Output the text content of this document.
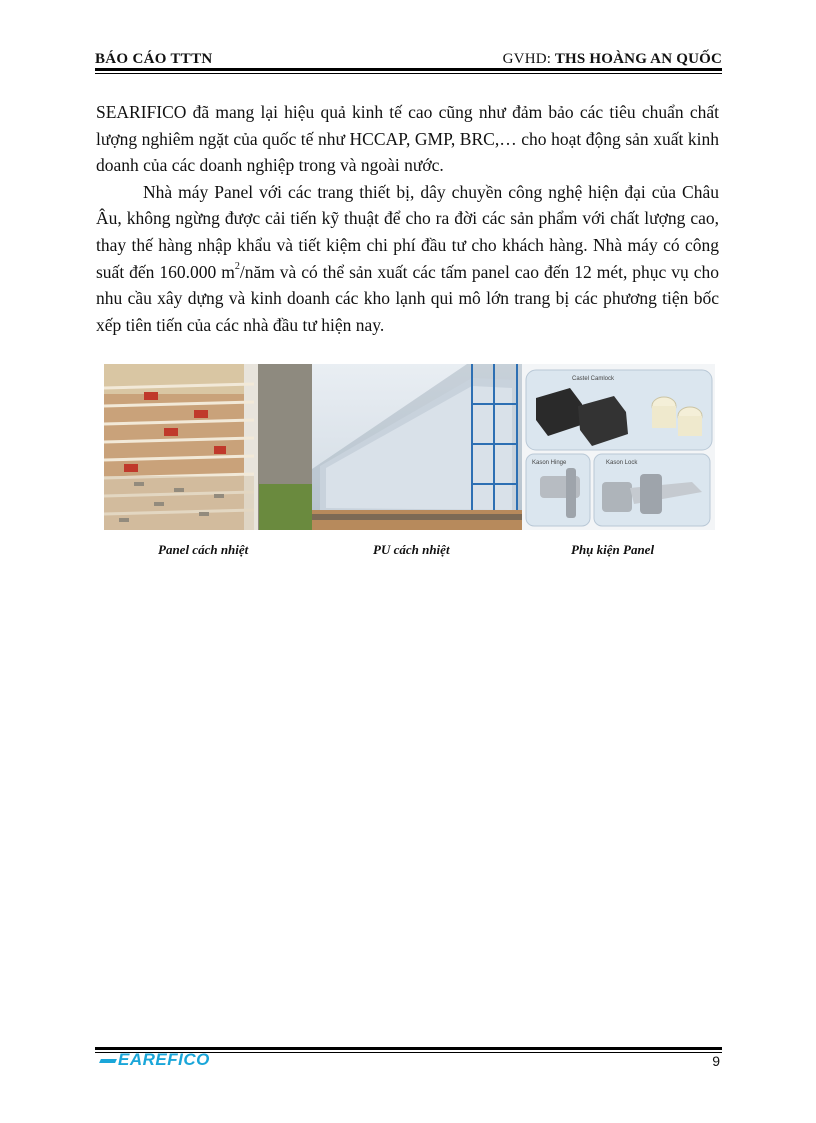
BÁO CÁO TTTN	GVHD: THS HOÀNG AN QUỐC

SEARIFICO đã mang lại hiệu quả kinh tế cao cũng như đảm bảo các tiêu chuẩn chất lượng nghiêm ngặt của quốc tế như HCCAP, GMP, BRC,… cho hoạt động sản xuất kinh doanh của các doanh nghiệp trong và ngoài nước.

Nhà máy Panel với các trang thiết bị, dây chuyền công nghệ hiện đại của Châu Âu, không ngừng được cải tiến kỹ thuật để cho ra đời các sản phẩm với chất lượng cao, thay thế hàng nhập khẩu và tiết kiệm chi phí đầu tư cho khách hàng. Nhà máy có công suất đến 160.000 $m^2$/năm và có thể sản xuất các tấm panel cao đến 12 mét, phục vụ cho nhu cầu xây dựng và kinh doanh các kho lạnh qui mô lớn trang bị các phương tiện bốc xếp tiên tiến của các nhà đầu tư hiện nay.

Castel Camlock
Kason Hinge	Kason Lock
Panel cách nhiệt	PU cách nhiệt	Phụ kiện Panel
EAREFICO	9
